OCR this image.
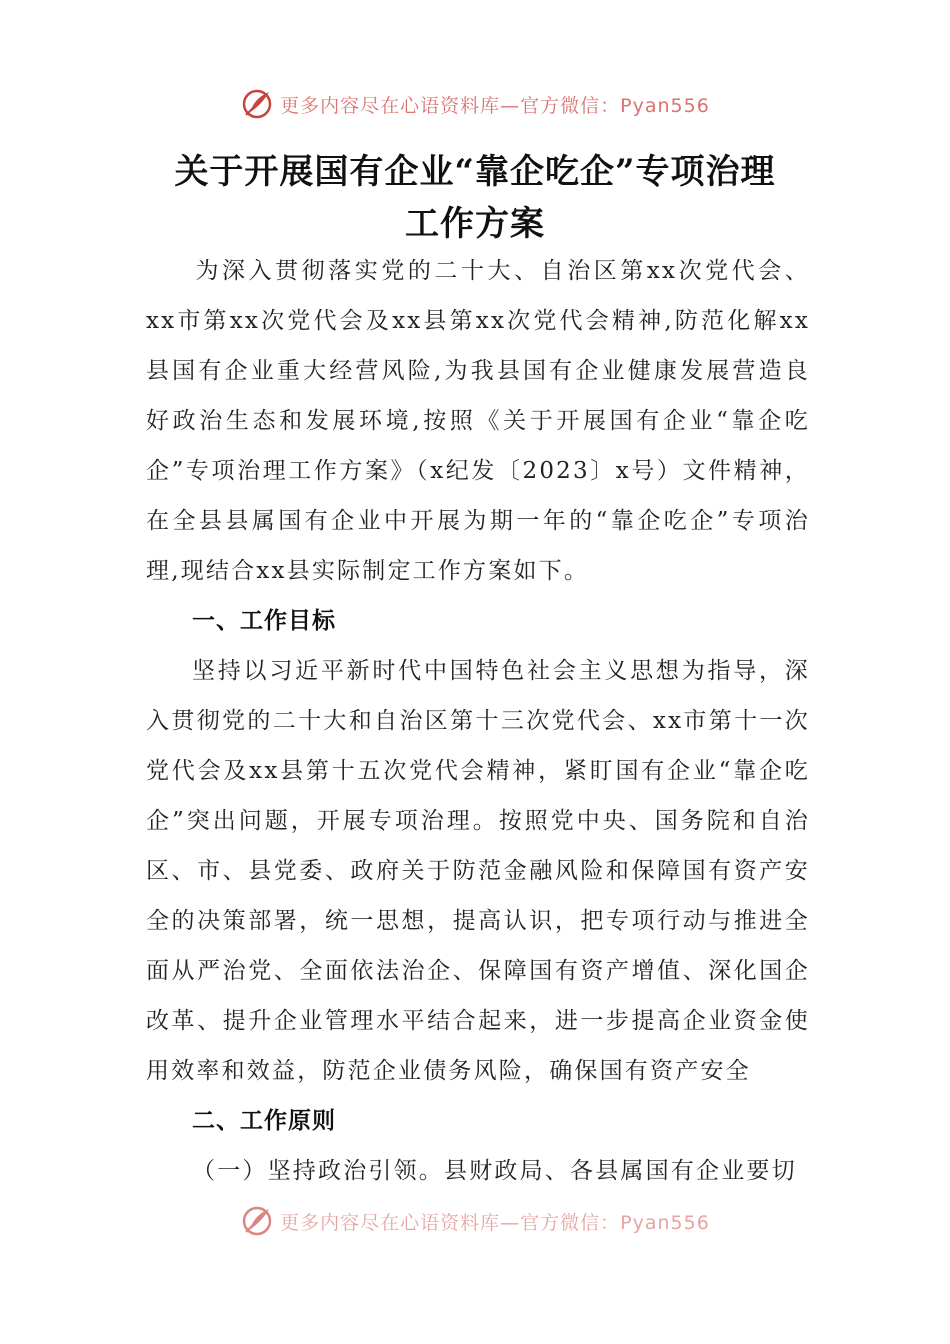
更多内容尽在心语资料库—官方微信：Pyan556
关于开展国有企业“靠企吃企”专项治理
工作方案

为深入贯彻落实党的二十大、自治区第xx次党代会、xx市第xx次党代会及xx县第xx次党代会精神,防范化解xx县国有企业重大经营风险,为我县国有企业健康发展营造良好政治生态和发展环境,按照《关于开展国有企业“靠企吃企”专项治理工作方案》（x纪发〔2023〕x号）文件精神，在全县县属国有企业中开展为期一年的“靠企吃企”专项治理,现结合xx县实际制定工作方案如下。

一、工作目标

坚持以习近平新时代中国特色社会主义思想为指导，深入贯彻党的二十大和自治区第十三次党代会、xx市第十一次党代会及xx县第十五次党代会精神，紧盯国有企业“靠企吃企”突出问题，开展专项治理。按照党中央、国务院和自治区、市、县党委、政府关于防范金融风险和保障国有资产安全的决策部署，统一思想，提高认识，把专项行动与推进全面从严治党、全面依法治企、保障国有资产增值、深化国企改革、提升企业管理水平结合起来，进一步提高企业资金使用效率和效益，防范企业债务风险，确保国有资产安全

二、工作原则

（一）坚持政治引领。县财政局、各县属国有企业要切

更多内容尽在心语资料库—官方微信：Pyan556
